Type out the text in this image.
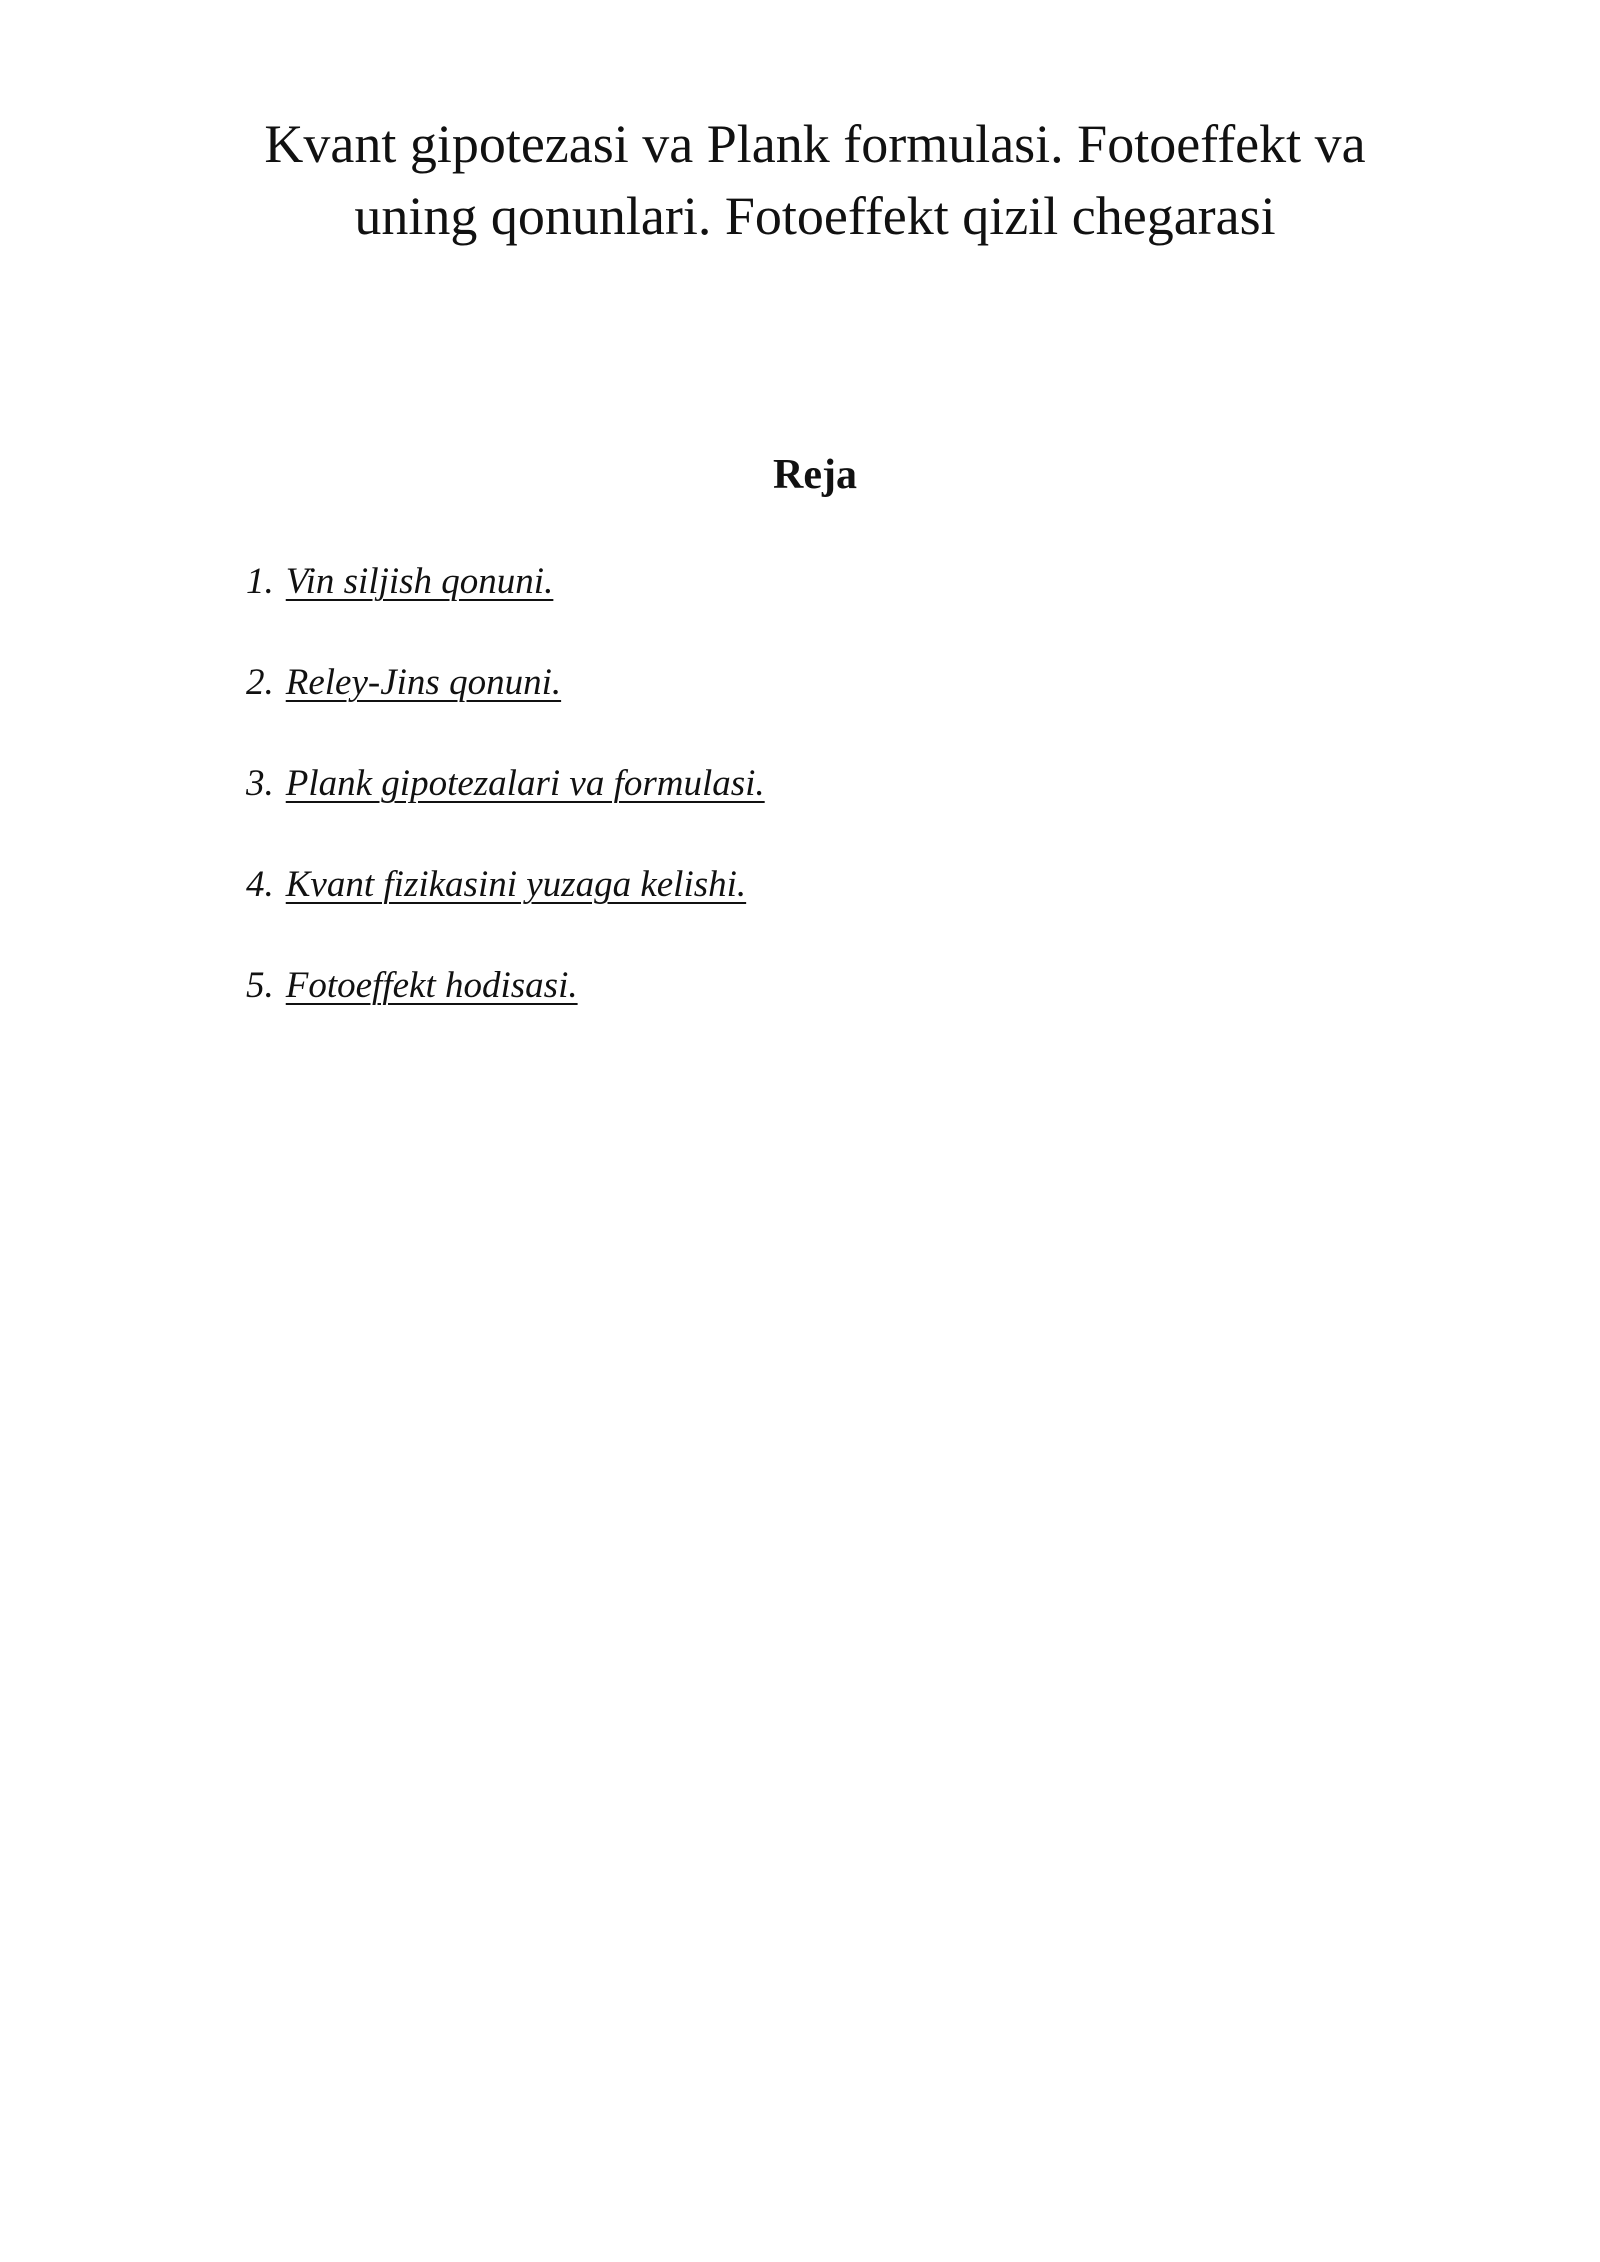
Kvant gipotezasi va Plank formulasi. Fotoeffekt va
uning qonunlari. Fotoeffekt qizil chegarasi
Reja
1. Vin siljish qonuni.
2. Releу-Jins qonuni.
3. Plank gipotezalari va formulasi.
4. Kvant fizikasini yuzaga kelishi.
5. Fotoeffekt hodisasi.
